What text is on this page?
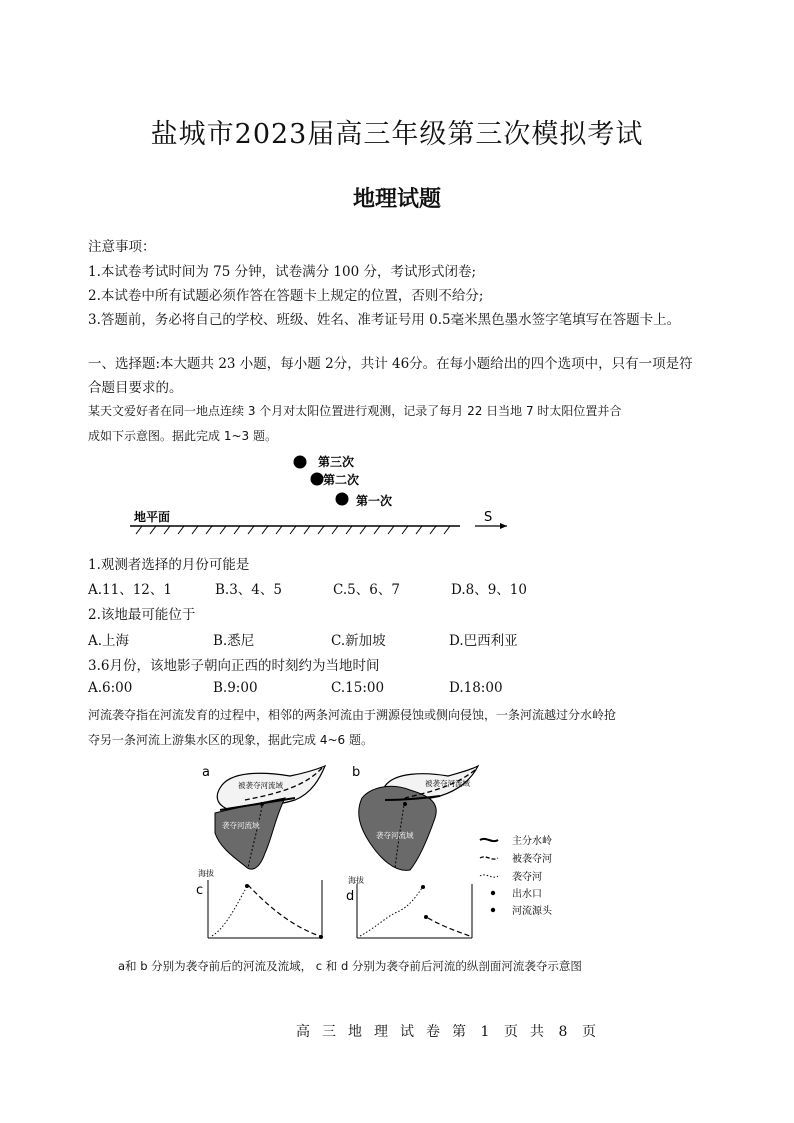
盐城市2023届高三年级第三次模拟考试
地理试题
注意事项：
1.本试卷考试时间为 75 分钟，试卷满分 100 分，考试形式闭卷;
2.本试卷中所有试题必须作答在答题卡上规定的位置，否则不给分;
3.答题前，务必将自己的学校、班级、姓名、准考证号用 0.5毫米黑色墨水签字笔填写在答题卡上。
一、选择题:本大题共 23 小题，每小题 2分，共计 46分。在每小题给出的四个选项中，只有一项是符
合题目要求的。
某天文爱好者在同一地点连续 3 个月对太阳位置进行观测，记录了每月 22 日当地 7 时太阳位置并合
成如下示意图。据此完成 1~3 题。
第三次
第二次
第一次
地平面	S
1.观测者选择的月份可能是
A.11、12、1	B.3、4、5	C.5、6、7	D.8、9、10
2.该地最可能位于
A.上海	B.悉尼	C.新加坡	D.巴西利亚
3.6月份，该地影子朝向正西的时刻约为当地时间
A.6:00	B.9:00	C.15:00	D.18:00
河流袭夺指在河流发育的过程中，相邻的两条河流由于溯源侵蚀或侧向侵蚀，一条河流越过分水岭抢
夺另一条河流上游集水区的现象，据此完成 4~6 题。
a
被袭夺河流域
袭夺河流域
b
被袭夺河流域
袭夺河流域
主分水岭
被袭夺河
袭夺河
出水口
河流源头
海拔
c
海拔
d
a和 b 分别为袭夺前后的河流及流域， c 和 d 分别为袭夺前后河流的纵剖面河流袭夺示意图
高 三 地 理 试 卷 第 1 页 共 8 页
